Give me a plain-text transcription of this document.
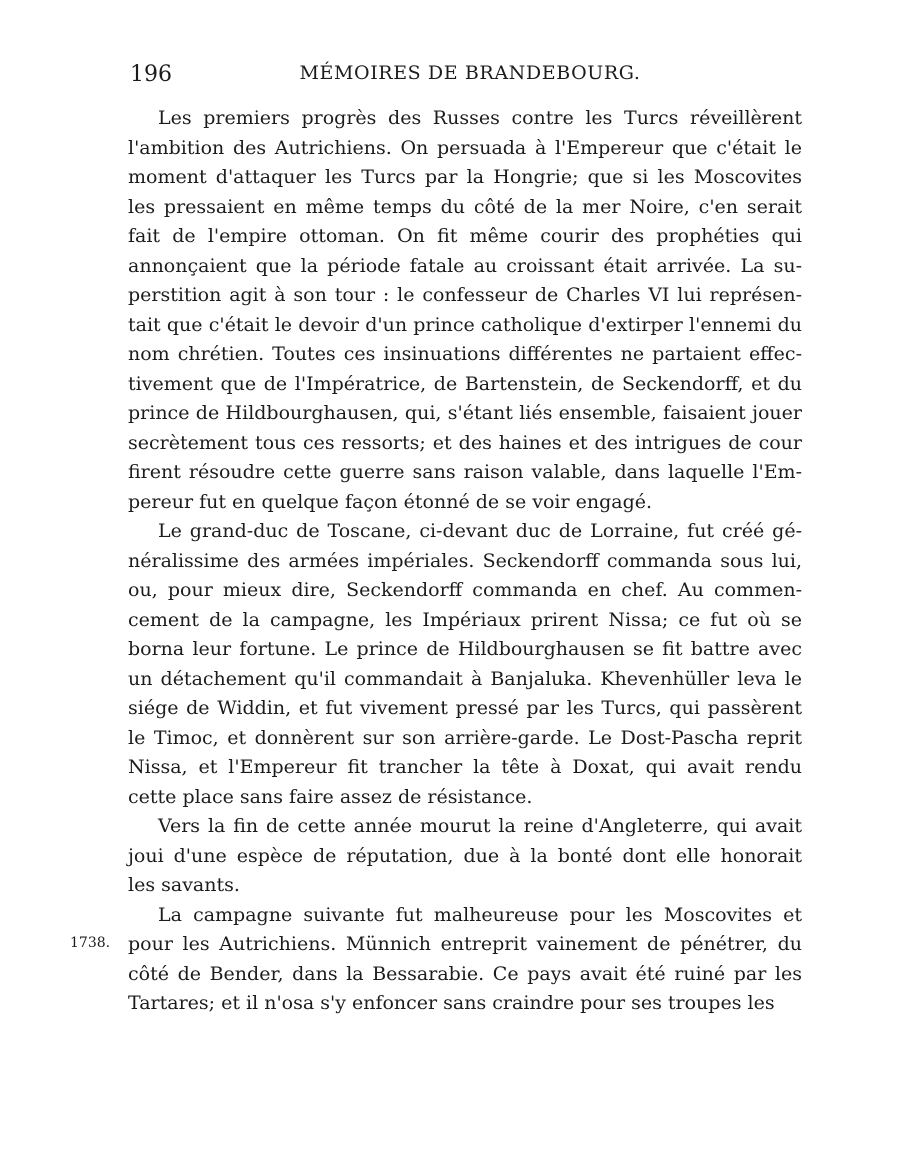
196	MÉMOIRES DE BRANDEBOURG.
1738.
Les premiers progrès des Russes contre les Turcs réveillèrent
l'ambition des Autrichiens. On persuada à l'Empereur que c'était le
moment d'attaquer les Turcs par la Hongrie; que si les Moscovites
les pressaient en même temps du côté de la mer Noire, c'en serait
fait de l'empire ottoman. On fit même courir des prophéties qui
annonçaient que la période fatale au croissant était arrivée. La su-
perstition agit à son tour : le confesseur de Charles VI lui représen-
tait que c'était le devoir d'un prince catholique d'extirper l'ennemi du
nom chrétien. Toutes ces insinuations différentes ne partaient effec-
tivement que de l'Impératrice, de Bartenstein, de Seckendorff, et du
prince de Hildbourghausen, qui, s'étant liés ensemble, faisaient jouer
secrètement tous ces ressorts; et des haines et des intrigues de cour
firent résoudre cette guerre sans raison valable, dans laquelle l'Em-
pereur fut en quelque façon étonné de se voir engagé.
Le grand-duc de Toscane, ci-devant duc de Lorraine, fut créé gé-
néralissime des armées impériales. Seckendorff commanda sous lui,
ou, pour mieux dire, Seckendorff commanda en chef. Au commen-
cement de la campagne, les Impériaux prirent Nissa; ce fut où se
borna leur fortune. Le prince de Hildbourghausen se fit battre avec
un détachement qu'il commandait à Banjaluka. Khevenhüller leva le
siége de Widdin, et fut vivement pressé par les Turcs, qui passèrent
le Timoc, et donnèrent sur son arrière-garde. Le Dost-Pascha reprit
Nissa, et l'Empereur fit trancher la tête à Doxat, qui avait rendu
cette place sans faire assez de résistance.
Vers la fin de cette année mourut la reine d'Angleterre, qui avait
joui d'une espèce de réputation, due à la bonté dont elle honorait
les savants.
La campagne suivante fut malheureuse pour les Moscovites et
pour les Autrichiens. Münnich entreprit vainement de pénétrer, du
côté de Bender, dans la Bessarabie. Ce pays avait été ruiné par les
Tartares; et il n'osa s'y enfoncer sans craindre pour ses troupes les
